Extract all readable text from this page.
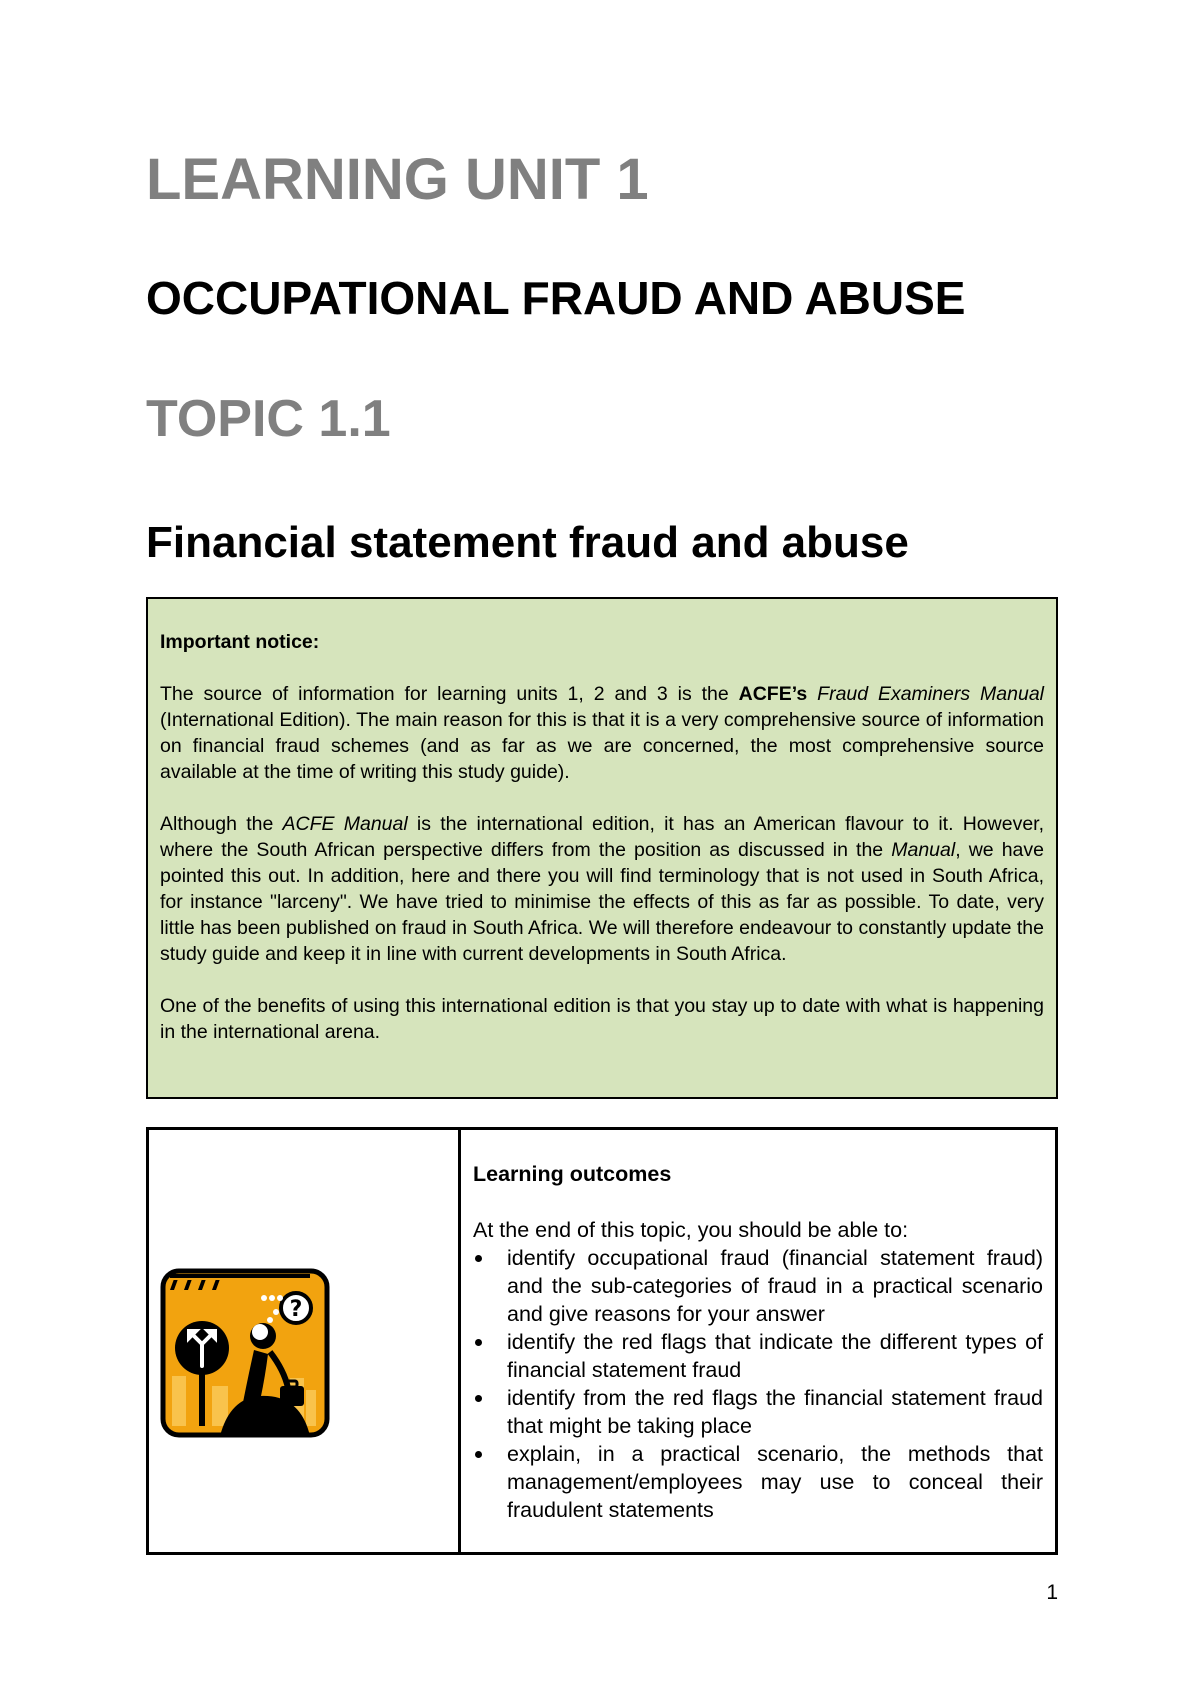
LEARNING UNIT 1
OCCUPATIONAL FRAUD AND ABUSE
TOPIC 1.1
Financial statement fraud and abuse

Important notice:

The source of information for learning units 1, 2 and 3 is the ACFE’s Fraud Examiners Manual (International Edition). The main reason for this is that it is a very comprehensive source of information on financial fraud schemes (and as far as we are concerned, the most comprehensive source available at the time of writing this study guide).

Although the ACFE Manual is the international edition, it has an American flavour to it. However, where the South African perspective differs from the position as discussed in the Manual, we have pointed this out. In addition, here and there you will find terminology that is not used in South Africa, for instance "larceny". We have tried to minimise the effects of this as far as possible. To date, very little has been published on fraud in South Africa. We will therefore endeavour to constantly update the study guide and keep it in line with current developments in South Africa.

One of the benefits of using this international edition is that you stay up to date with what is happening in the international arena.

?

Learning outcomes

At the end of this topic, you should be able to:

identify occupational fraud (financial statement fraud) and the sub-categories of fraud in a practical scenario and give reasons for your answer
identify the red flags that indicate the different types of financial statement fraud
identify from the red flags the financial statement fraud that might be taking place
explain, in a practical scenario, the methods that management/employees may use to conceal their fraudulent statements
1
